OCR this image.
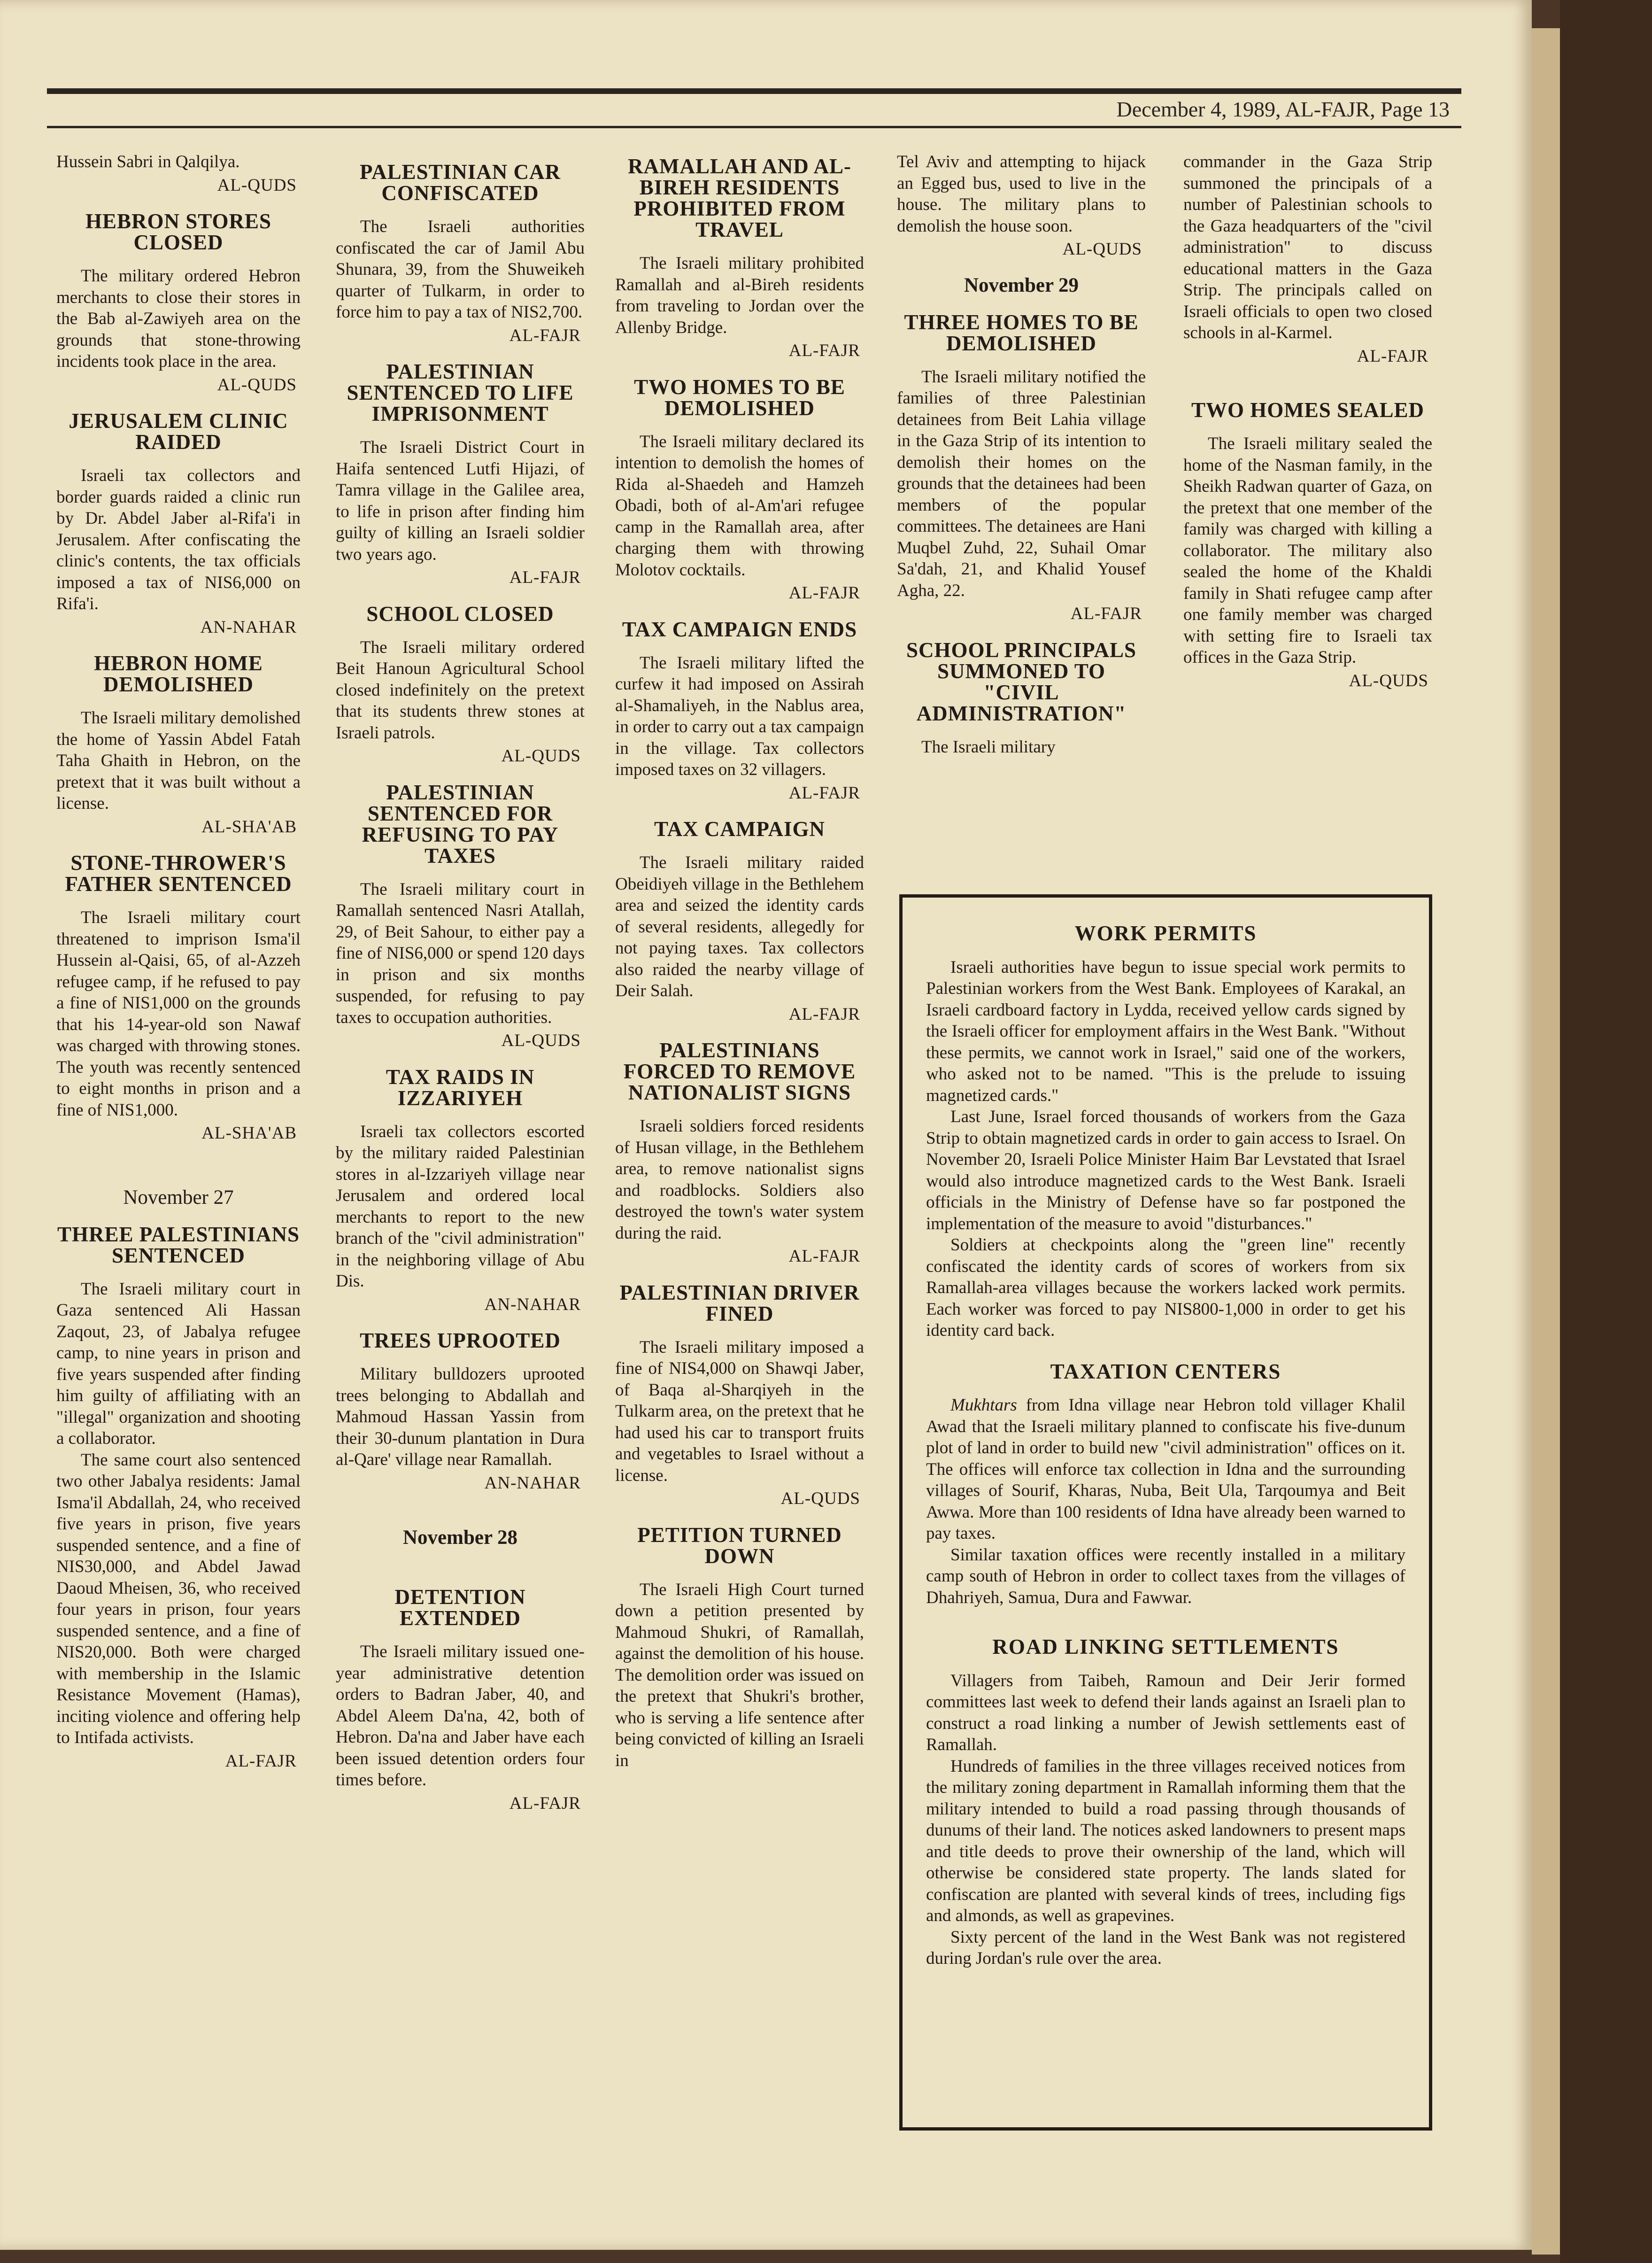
December 4, 1989, AL-FAJR, Page 13

Hussein Sabri in Qalqilya.

AL-QUDS
HEBRON STORES CLOSED

The military ordered Hebron merchants to close their stores in the Bab al-Zawiyeh area on the grounds that stone-throwing incidents took place in the area.

AL-QUDS
JERUSALEM CLINIC RAIDED

Israeli tax collectors and border guards raided a clinic run by Dr. Abdel Jaber al-Rifa'i in Jerusalem. After confiscating the clinic's contents, the tax officials imposed a tax of NIS6,000 on Rifa'i.

AN-NAHAR
HEBRON HOME DEMOLISHED

The Israeli military demolished the home of Yassin Abdel Fatah Taha Ghaith in Hebron, on the pretext that it was built without a license.

AL-SHA'AB
STONE-THROWER'S FATHER SENTENCED

The Israeli military court threatened to imprison Isma'il Hussein al-Qaisi, 65, of al-Azzeh refugee camp, if he refused to pay a fine of NIS1,000 on the grounds that his 14-year-old son Nawaf was charged with throwing stones. The youth was recently sentenced to eight months in prison and a fine of NIS1,000.

AL-SHA'AB
November 27
THREE PALESTINIANS SENTENCED

The Israeli military court in Gaza sentenced Ali Hassan Zaqout, 23, of Jabalya refugee camp, to nine years in prison and five years suspended after finding him guilty of affiliating with an "illegal" organization and shooting a collaborator.

The same court also sentenced two other Jabalya residents: Jamal Isma'il Abdallah, 24, who received five years in prison, five years suspended sentence, and a fine of NIS30,000, and Abdel Jawad Daoud Mheisen, 36, who received four years in prison, four years suspended sentence, and a fine of NIS20,000. Both were charged with membership in the Islamic Resistance Movement (Hamas), inciting violence and offering help to Intifada activists.

AL-FAJR
PALESTINIAN CAR CONFISCATED

The Israeli authorities confiscated the car of Jamil Abu Shunara, 39, from the Shuweikeh quarter of Tulkarm, in order to force him to pay a tax of NIS2,700.

AL-FAJR
PALESTINIAN SENTENCED TO LIFE IMPRISONMENT

The Israeli District Court in Haifa sentenced Lutfi Hijazi, of Tamra village in the Galilee area, to life in prison after finding him guilty of killing an Israeli soldier two years ago.

AL-FAJR
SCHOOL CLOSED

The Israeli military ordered Beit Hanoun Agricultural School closed indefinitely on the pretext that its students threw stones at Israeli patrols.

AL-QUDS
PALESTINIAN SENTENCED FOR REFUSING TO PAY TAXES

The Israeli military court in Ramallah sentenced Nasri Atallah, 29, of Beit Sahour, to either pay a fine of NIS6,000 or spend 120 days in prison and six months suspended, for refusing to pay taxes to occupation authorities.

AL-QUDS
TAX RAIDS IN IZZARIYEH

Israeli tax collectors escorted by the military raided Palestinian stores in al-Izzariyeh village near Jerusalem and ordered local merchants to report to the new branch of the "civil administration" in the neighboring village of Abu Dis.

AN-NAHAR
TREES UPROOTED

Military bulldozers uprooted trees belonging to Abdallah and Mahmoud Hassan Yassin from their 30-dunum plantation in Dura al-Qare' village near Ramallah.

AN-NAHAR
November 28
DETENTION EXTENDED

The Israeli military issued one-year administrative detention orders to Badran Jaber, 40, and Abdel Aleem Da'na, 42, both of Hebron. Da'na and Jaber have each been issued detention orders four times before.

AL-FAJR
RAMALLAH AND AL-BIREH RESIDENTS PROHIBITED FROM TRAVEL

The Israeli military prohibited Ramallah and al-Bireh residents from traveling to Jordan over the Allenby Bridge.

AL-FAJR
TWO HOMES TO BE DEMOLISHED

The Israeli military declared its intention to demolish the homes of Rida al-Shaedeh and Hamzeh Obadi, both of al-Am'ari refugee camp in the Ramallah area, after charging them with throwing Molotov cocktails.

AL-FAJR
TAX CAMPAIGN ENDS

The Israeli military lifted the curfew it had imposed on Assirah al-Shamaliyeh, in the Nablus area, in order to carry out a tax campaign in the village. Tax collectors imposed taxes on 32 villagers.

AL-FAJR
TAX CAMPAIGN

The Israeli military raided Obeidiyeh village in the Bethlehem area and seized the identity cards of several residents, allegedly for not paying taxes. Tax collectors also raided the nearby village of Deir Salah.

AL-FAJR
PALESTINIANS FORCED TO REMOVE NATIONALIST SIGNS

Israeli soldiers forced residents of Husan village, in the Bethlehem area, to remove nationalist signs and roadblocks. Soldiers also destroyed the town's water system during the raid.

AL-FAJR
PALESTINIAN DRIVER FINED

The Israeli military imposed a fine of NIS4,000 on Shawqi Jaber, of Baqa al-Sharqiyeh in the Tulkarm area, on the pretext that he had used his car to transport fruits and vegetables to Israel without a license.

AL-QUDS
PETITION TURNED DOWN

The Israeli High Court turned down a petition presented by Mahmoud Shukri, of Ramallah, against the demolition of his house. The demolition order was issued on the pretext that Shukri's brother, who is serving a life sentence after being convicted of killing an Israeli in

Tel Aviv and attempting to hijack an Egged bus, used to live in the house. The military plans to demolish the house soon.

AL-QUDS
November 29
THREE HOMES TO BE DEMOLISHED

The Israeli military notified the families of three Palestinian detainees from Beit Lahia village in the Gaza Strip of its intention to demolish their homes on the grounds that the detainees had been members of the popular committees. The detainees are Hani Muqbel Zuhd, 22, Suhail Omar Sa'dah, 21, and Khalid Yousef Agha, 22.

AL-FAJR
SCHOOL PRINCIPALS SUMMONED TO "CIVIL ADMINISTRATION"

The Israeli military

commander in the Gaza Strip summoned the principals of a number of Palestinian schools to the Gaza headquarters of the "civil administration" to discuss educational matters in the Gaza Strip. The principals called on Israeli officials to open two closed schools in al-Karmel.

AL-FAJR
TWO HOMES SEALED

The Israeli military sealed the home of the Nasman family, in the Sheikh Radwan quarter of Gaza, on the pretext that one member of the family was charged with killing a collaborator. The military also sealed the home of the Khaldi family in Shati refugee camp after one family member was charged with setting fire to Israeli tax offices in the Gaza Strip.

AL-QUDS
WORK PERMITS

Israeli authorities have begun to issue special work permits to Palestinian workers from the West Bank. Employees of Karakal, an Israeli cardboard factory in Lydda, received yellow cards signed by the Israeli officer for employment affairs in the West Bank. "Without these permits, we cannot work in Israel," said one of the workers, who asked not to be named. "This is the prelude to issuing magnetized cards."

Last June, Israel forced thousands of workers from the Gaza Strip to obtain magnetized cards in order to gain access to Israel. On November 20, Israeli Police Minister Haim Bar Levstated that Israel would also introduce magnetized cards to the West Bank. Israeli officials in the Ministry of Defense have so far postponed the implementation of the measure to avoid "disturbances."

Soldiers at checkpoints along the "green line" recently confiscated the identity cards of scores of workers from six Ramallah-area villages because the workers lacked work permits. Each worker was forced to pay NIS800-1,000 in order to get his identity card back.

TAXATION CENTERS

Mukhtars from Idna village near Hebron told villager Khalil Awad that the Israeli military planned to confiscate his five-dunum plot of land in order to build new "civil administration" offices on it. The offices will enforce tax collection in Idna and the surrounding villages of Sourif, Kharas, Nuba, Beit Ula, Tarqoumya and Beit Awwa. More than 100 residents of Idna have already been warned to pay taxes.

Similar taxation offices were recently installed in a military camp south of Hebron in order to collect taxes from the villages of Dhahriyeh, Samua, Dura and Fawwar.

ROAD LINKING SETTLEMENTS

Villagers from Taibeh, Ramoun and Deir Jerir formed committees last week to defend their lands against an Israeli plan to construct a road linking a number of Jewish settlements east of Ramallah.

Hundreds of families in the three villages received notices from the military zoning department in Ramallah informing them that the military intended to build a road passing through thousands of dunums of their land. The notices asked landowners to present maps and title deeds to prove their ownership of the land, which will otherwise be considered state property. The lands slated for confiscation are planted with several kinds of trees, including figs and almonds, as well as grapevines.

Sixty percent of the land in the West Bank was not registered during Jordan's rule over the area.
